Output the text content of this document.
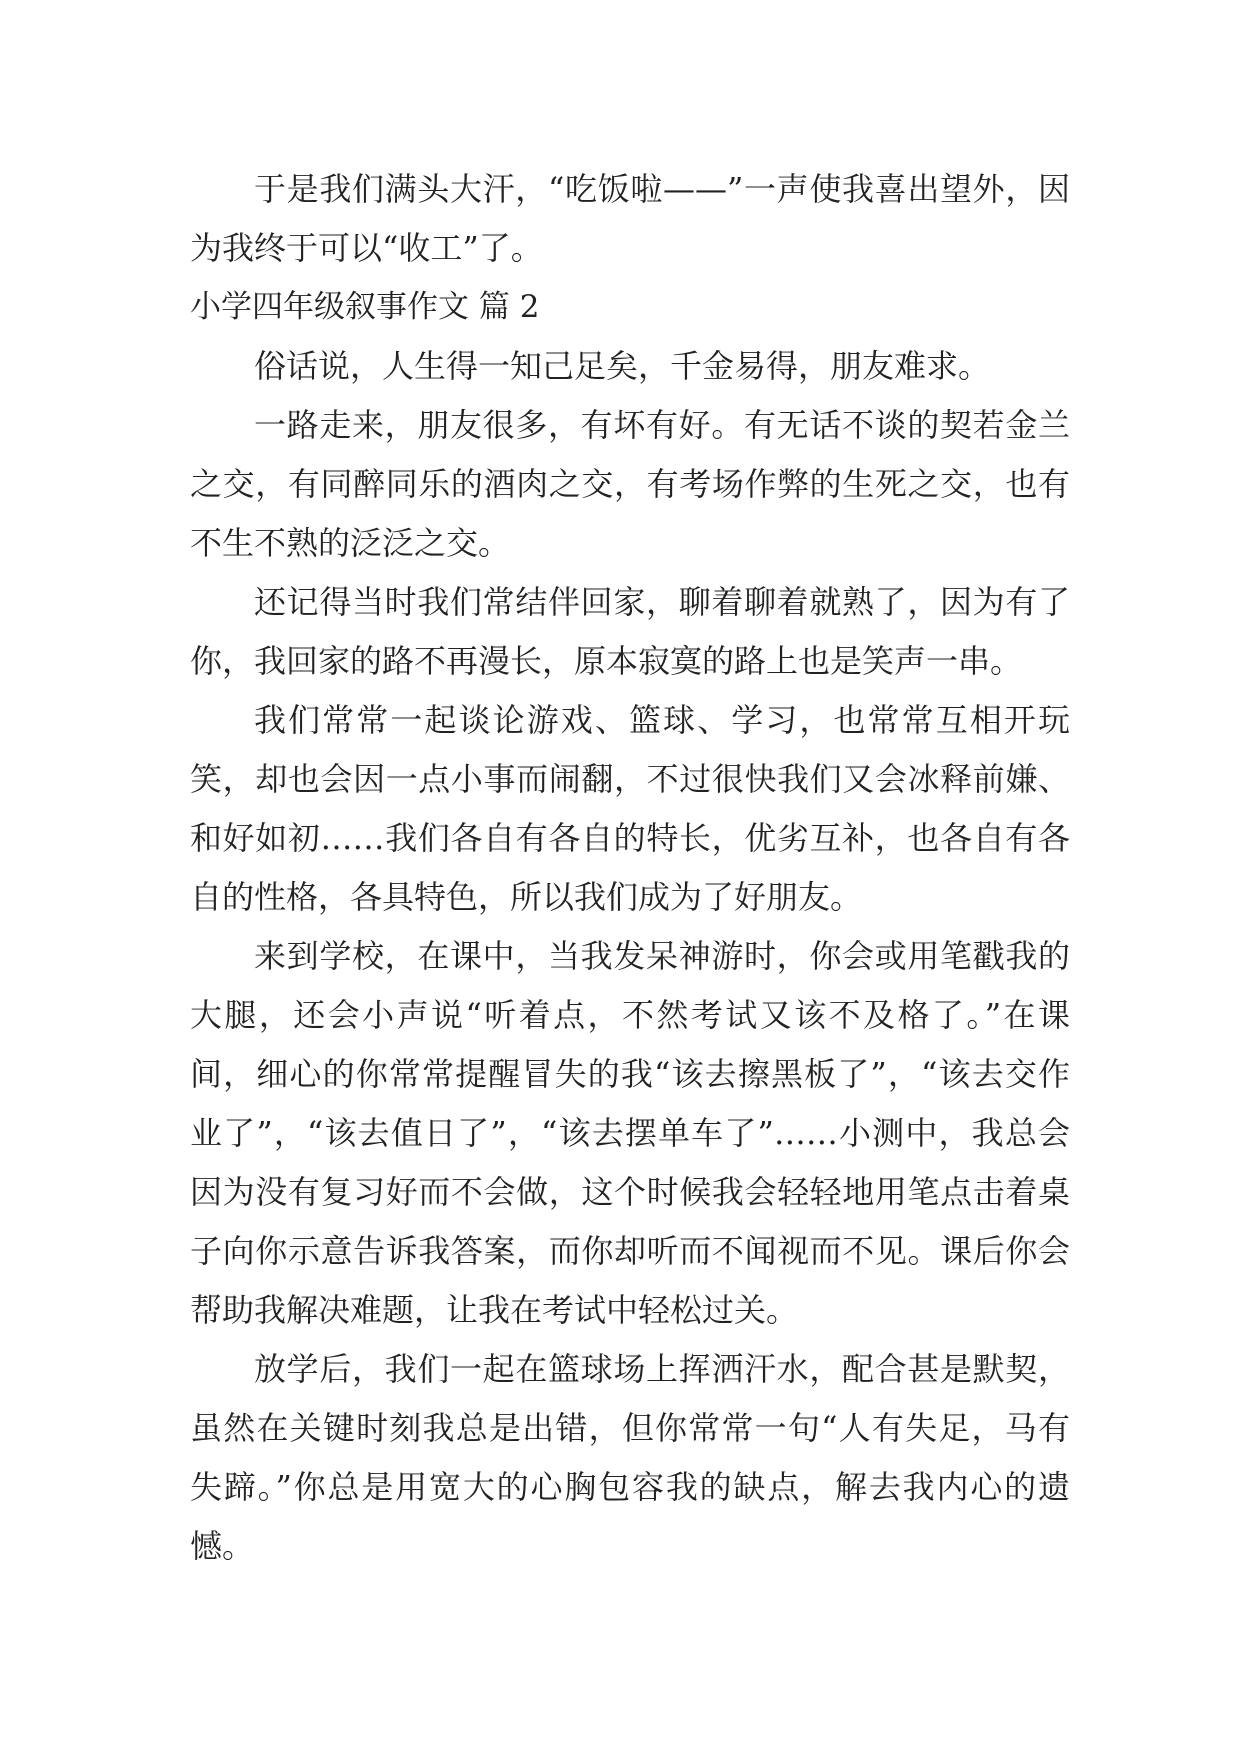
于是我们满头大汗，“吃饭啦——”一声使我喜出望外，因为我终于可以“收工”了。

小学四年级叙事作文 篇 2

俗话说，人生得一知己足矣，千金易得，朋友难求。

一路走来，朋友很多，有坏有好。有无话不谈的契若金兰之交，有同醉同乐的酒肉之交，有考场作弊的生死之交，也有不生不熟的泛泛之交。

还记得当时我们常结伴回家，聊着聊着就熟了，因为有了你，我回家的路不再漫长，原本寂寞的路上也是笑声一串。

我们常常一起谈论游戏、篮球、学习，也常常互相开玩笑，却也会因一点小事而闹翻，不过很快我们又会冰释前嫌、和好如初……我们各自有各自的特长，优劣互补，也各自有各自的性格，各具特色，所以我们成为了好朋友。

来到学校，在课中，当我发呆神游时，你会或用笔戳我的大腿，还会小声说“听着点，不然考试又该不及格了。”在课间，细心的你常常提醒冒失的我“该去擦黑板了”，“该去交作业了”，“该去值日了”，“该去摆单车了”……小测中，我总会因为没有复习好而不会做，这个时候我会轻轻地用笔点击着桌子向你示意告诉我答案，而你却听而不闻视而不见。课后你会帮助我解决难题，让我在考试中轻松过关。

放学后，我们一起在篮球场上挥洒汗水，配合甚是默契，虽然在关键时刻我总是出错，但你常常一句“人有失足，马有失蹄。”你总是用宽大的心胸包容我的缺点，解去我内心的遗憾。
